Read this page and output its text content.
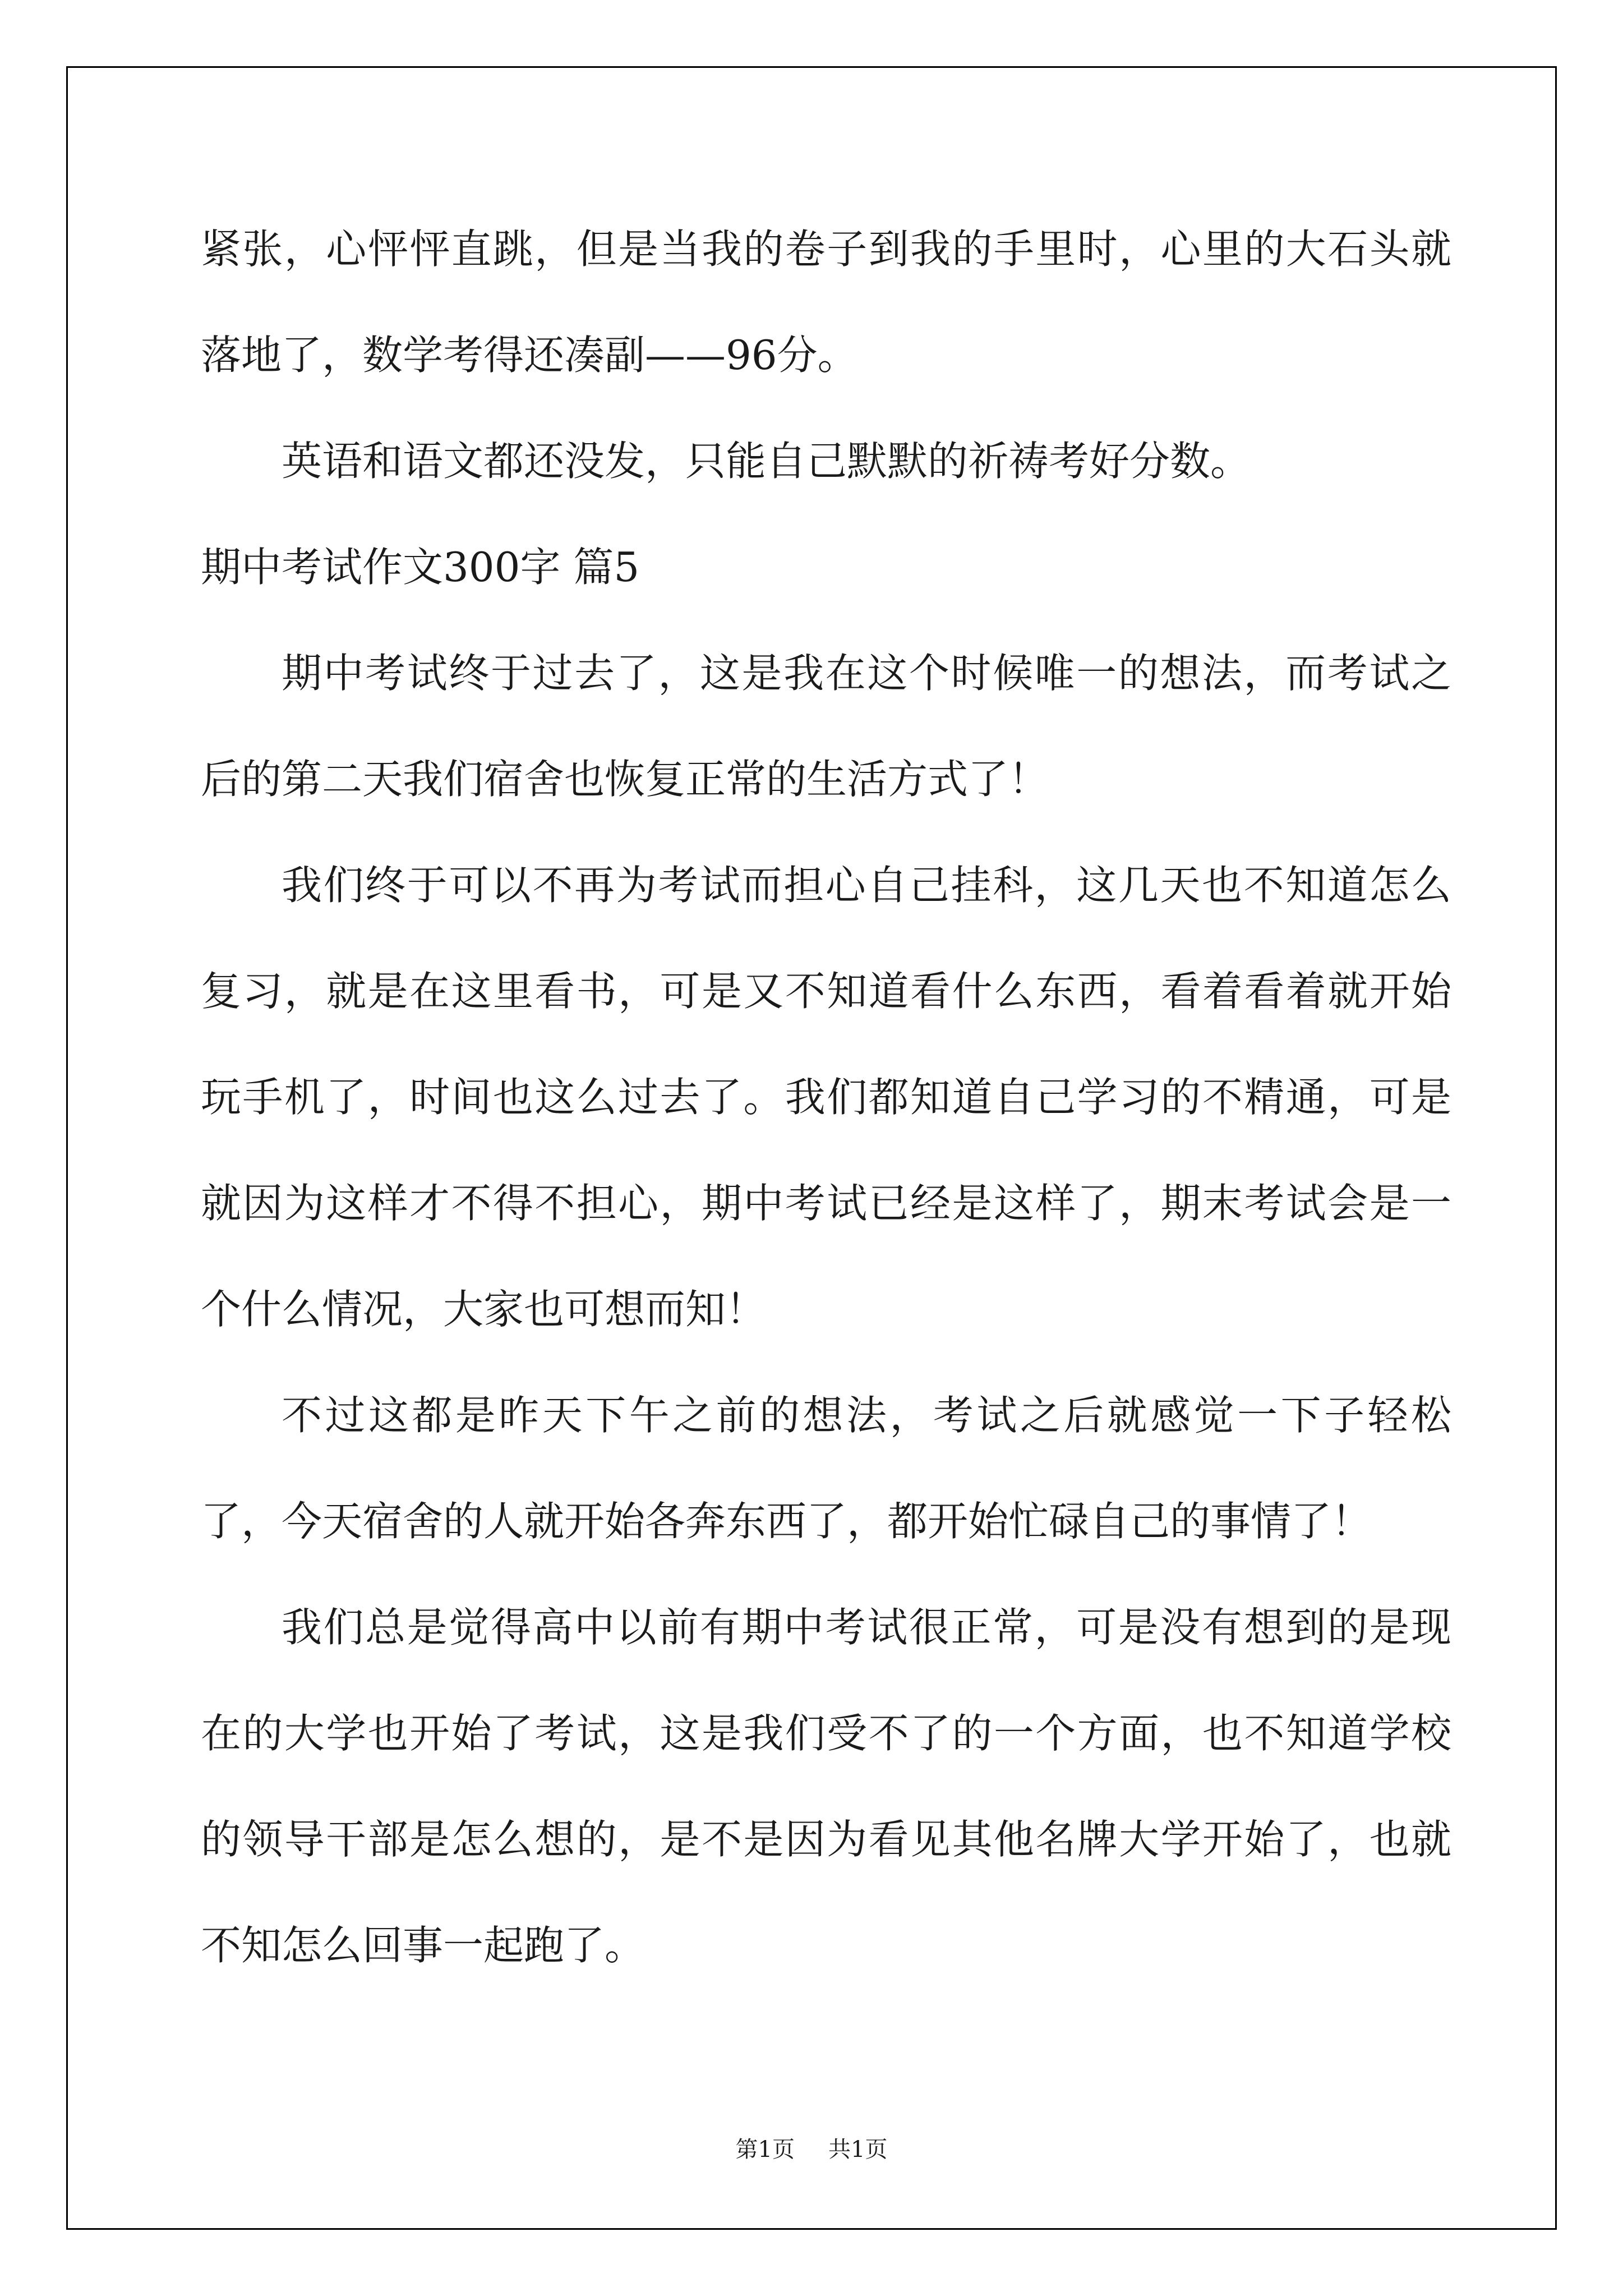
紧张，心怦怦直跳，但是当我的卷子到我的手里时，心里的大石头就落地了，数学考得还凑副——96分。

英语和语文都还没发，只能自己默默的祈祷考好分数。

期中考试作文300字 篇5

期中考试终于过去了，这是我在这个时候唯一的想法，而考试之后的第二天我们宿舍也恢复正常的生活方式了！

我们终于可以不再为考试而担心自己挂科，这几天也不知道怎么复习，就是在这里看书，可是又不知道看什么东西，看着看着就开始玩手机了，时间也这么过去了。我们都知道自己学习的不精通，可是就因为这样才不得不担心，期中考试已经是这样了，期末考试会是一个什么情况，大家也可想而知！

不过这都是昨天下午之前的想法，考试之后就感觉一下子轻松了，今天宿舍的人就开始各奔东西了，都开始忙碌自己的事情了！

我们总是觉得高中以前有期中考试很正常，可是没有想到的是现在的大学也开始了考试，这是我们受不了的一个方面，也不知道学校的领导干部是怎么想的，是不是因为看见其他名牌大学开始了，也就不知怎么回事一起跑了。

第1页 共1页
